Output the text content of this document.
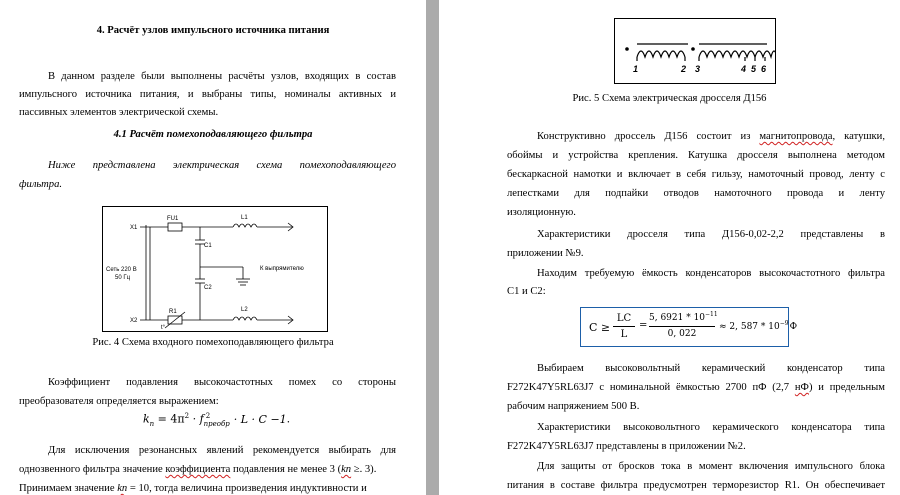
4. Расчёт узлов импульсного источника питания
В данном разделе были выполнены расчёты узлов, входящих в состав
импульсного источника питания, и выбраны типы, номиналы активных и
пассивных элементов электрической схемы.
4.1 Расчёт помехоподавляющего фильтра
Ниже представлена электрическая схема помехоподавляющего
фильтра.
X1
X2
FU1	L1
C1
C2
R1	L2
t°
Сеть 220 В
50 Гц
К выпрямителю
Рис. 4 Схема входного помехоподавляющего фильтра
Коэффициент подавления высокочастотных помех со стороны
преобразователя определяется выражением:
$k_п = 4\pi^2 \cdot f_{преобр}^2 \cdot L \cdot C -1$.
Для исключения резонансных явлений рекомендуется выбирать для
однозвенного фильтра значение коэффициента подавления не менее 3 (kп ≥. 3).
Принимаем значение kп = 10, тогда величина произведения индуктивности и
1	2 3	4 5 6
Рис. 5 Схема электрическая дросселя Д156
Конструктивно дроссель Д156 состоит из магнитопровода, катушки,
обоймы и устройства крепления. Катушка дросселя выполнена методом
бескаркасной намотки и включает в себя гильзу, намоточный провод, ленту с
лепестками для подпайки отводов намоточного провода и ленту
изоляционную.
Характеристики дросселя типа Д156-0,02-2,2 представлены в
приложении №9.
Находим требуемую ёмкость конденсаторов высокочастотного фильтра
С1 и С2:
C ≥
LC
L
=
5, $6921 * 10^{-11}$
0, 022
≈ 2, $587 * 10^{-9}Ф$
Выбираем высоковольтный керамический конденсатор типа
F272K47Y5RL63J7 с номинальной ёмкостью 2700 пФ (2,7 нФ) и предельным
рабочим напряжением 500 В.
Характеристики высоковольтного керамического конденсатора типа
F272K47Y5RL63J7 представлены в приложении №2.
Для защиты от бросков тока в момент включения импульсного блока
питания в составе фильтра предусмотрен терморезистор R1. Он обеспечивает
